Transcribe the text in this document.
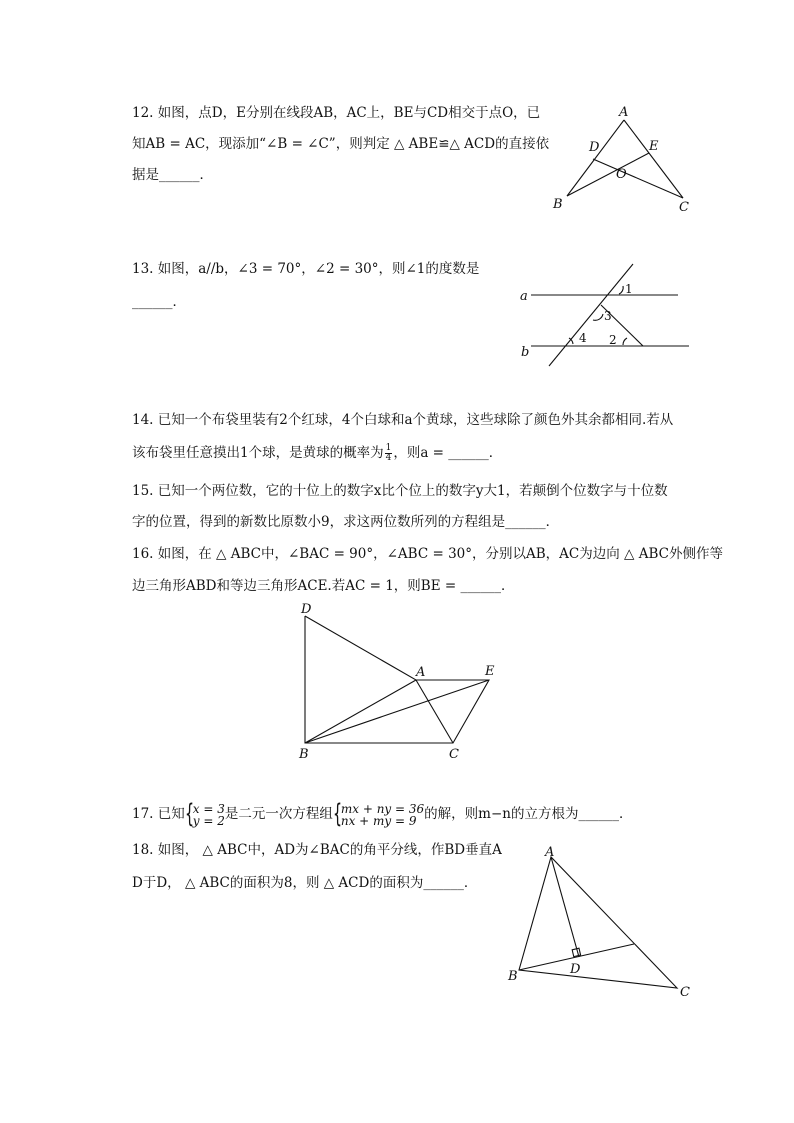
12. 如图，点D，E分别在线段AB，AC上，BE与CD相交于点O，已
知AB = AC，现添加“∠B = ∠C”，则判定 △ ABE≌△ ACD的直接依
据是______．
A
D	E
O
B	C
13. 如图，a//b，∠3 = 70°，∠2 = 30°，则∠1的度数是
______．	a
b
1
3
4 2
14. 已知一个布袋里装有2个红球，4个白球和a个黄球，这些球除了颜色外其余都相同.若从
该布袋里任意摸出1个球，是黄球的概率为 $\frac{1}{4}$ ，则a = ______．
15. 已知一个两位数，它的十位上的数字x比个位上的数字y大1，若颠倒个位数字与十位数
字的位置，得到的新数比原数小9，求这两位数所列的方程组是______．
16. 如图，在 △ ABC中，∠BAC = 90°，∠ABC = 30°，分别以AB，AC为边向 △ ABC外侧作等
边三角形ABD和等边三角形ACE.若AC = 1，则BE = ______．
D
A	E
B	C
17. 已知 { x = 3
y = 2 是二元一次方程组 { mx + ny = 36
nx + my = 9 的解，则m−n的立方根为______．
18. 如图， △ ABC中，AD为∠BAC的角平分线，作BD垂直A
D于D， △ ABC的面积为8，则 △ ACD的面积为______．
A
B
C
D
